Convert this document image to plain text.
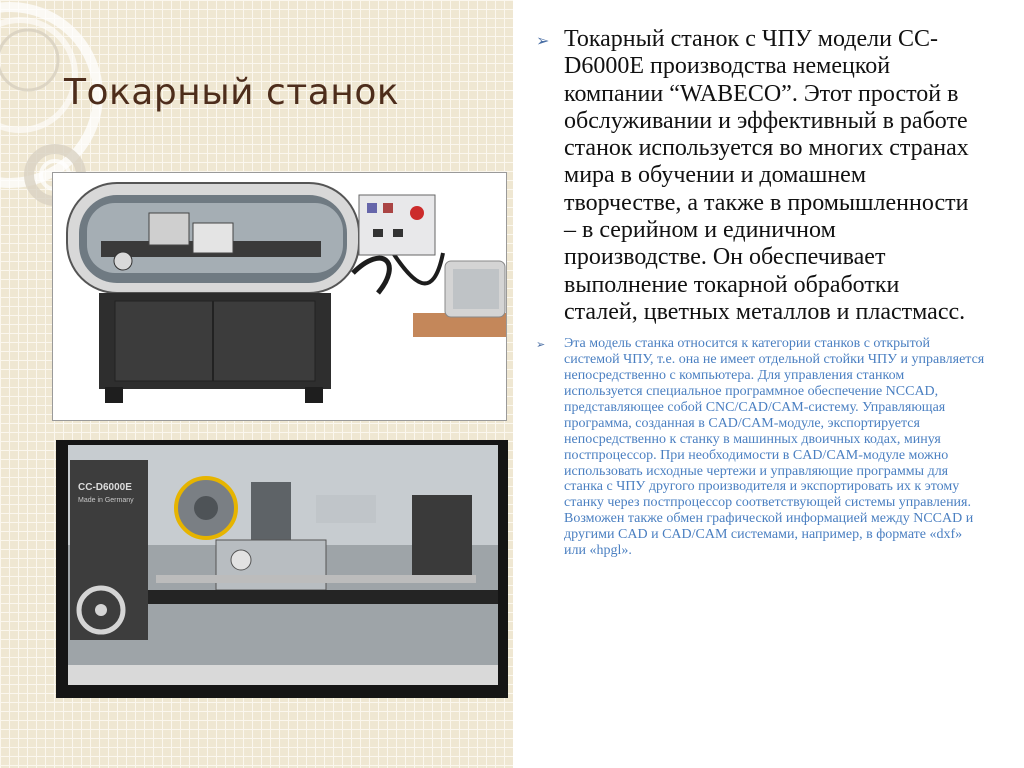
Токарный станок
CC-D6000E
Made in Germany
➢ Токарный станок с ЧПУ модели CC-D6000E производства немецкой компании “WABECO”. Этот простой в обслуживании и эффективный в работе станок используется во многих странах мира в обучении и домашнем творчестве, а также в промышленности – в серийном и единичном производстве. Он обеспечивает выполнение токарной обработки сталей, цветных металлов и пластмасс.

➢	Эта модель станка относится к категории станков с открытой системой ЧПУ, т.е. она не имеет отдельной стойки ЧПУ и управляется непосредственно с компьютера. Для управления станком используется специальное программное обеспечение NCCAD, представляющее собой CNC/CAD/CAM-систему. Управляющая программа, созданная в CAD/CAM-модуле, экспортируется непосредственно к станку в машинных двоичных кодах, минуя постпроцессор. При необходимости в CAD/CAM-модуле можно использовать исходные чертежи и управляющие программы для станка с ЧПУ другого производителя и экспортировать их к этому станку через постпроцессор соответствующей системы управления. Возможен также обмен графической информацией между NCCAD и другими CAD и CAD/CAM системами, например, в формате «dxf» или «hpgl».
